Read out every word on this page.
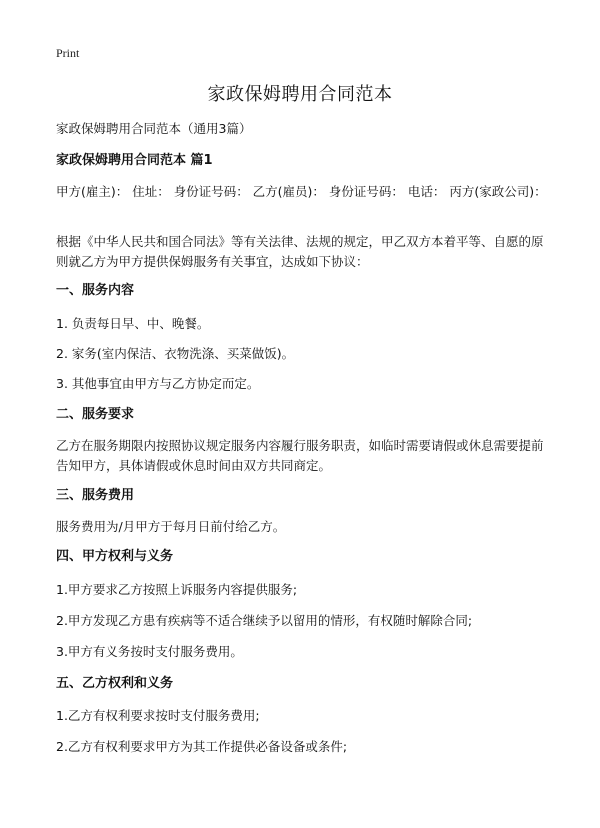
Print
家政保姆聘用合同范本

家政保姆聘用合同范本（通用3篇）

家政保姆聘用合同范本 篇1

甲方(雇主)： 住址： 身份证号码： 乙方(雇员)： 身份证号码： 电话： 丙方(家政公司)：

根据《中华人民共和国合同法》等有关法律、法规的规定，甲乙双方本着平等、自愿的原则就乙方为甲方提供保姆服务有关事宜，达成如下协议：

一、服务内容

1. 负责每日早、中、晚餐。

2. 家务(室内保洁、衣物洗涤、买菜做饭)。

3. 其他事宜由甲方与乙方协定而定。

二、服务要求

乙方在服务期限内按照协议规定服务内容履行服务职责，如临时需要请假或休息需要提前告知甲方，具体请假或休息时间由双方共同商定。

三、服务费用

服务费用为/月甲方于每月日前付给乙方。

四、甲方权利与义务

1.甲方要求乙方按照上诉服务内容提供服务;

2.甲方发现乙方患有疾病等不适合继续予以留用的情形，有权随时解除合同;

3.甲方有义务按时支付服务费用。

五、乙方权利和义务

1.乙方有权利要求按时支付服务费用;

2.乙方有权利要求甲方为其工作提供必备设备或条件;
